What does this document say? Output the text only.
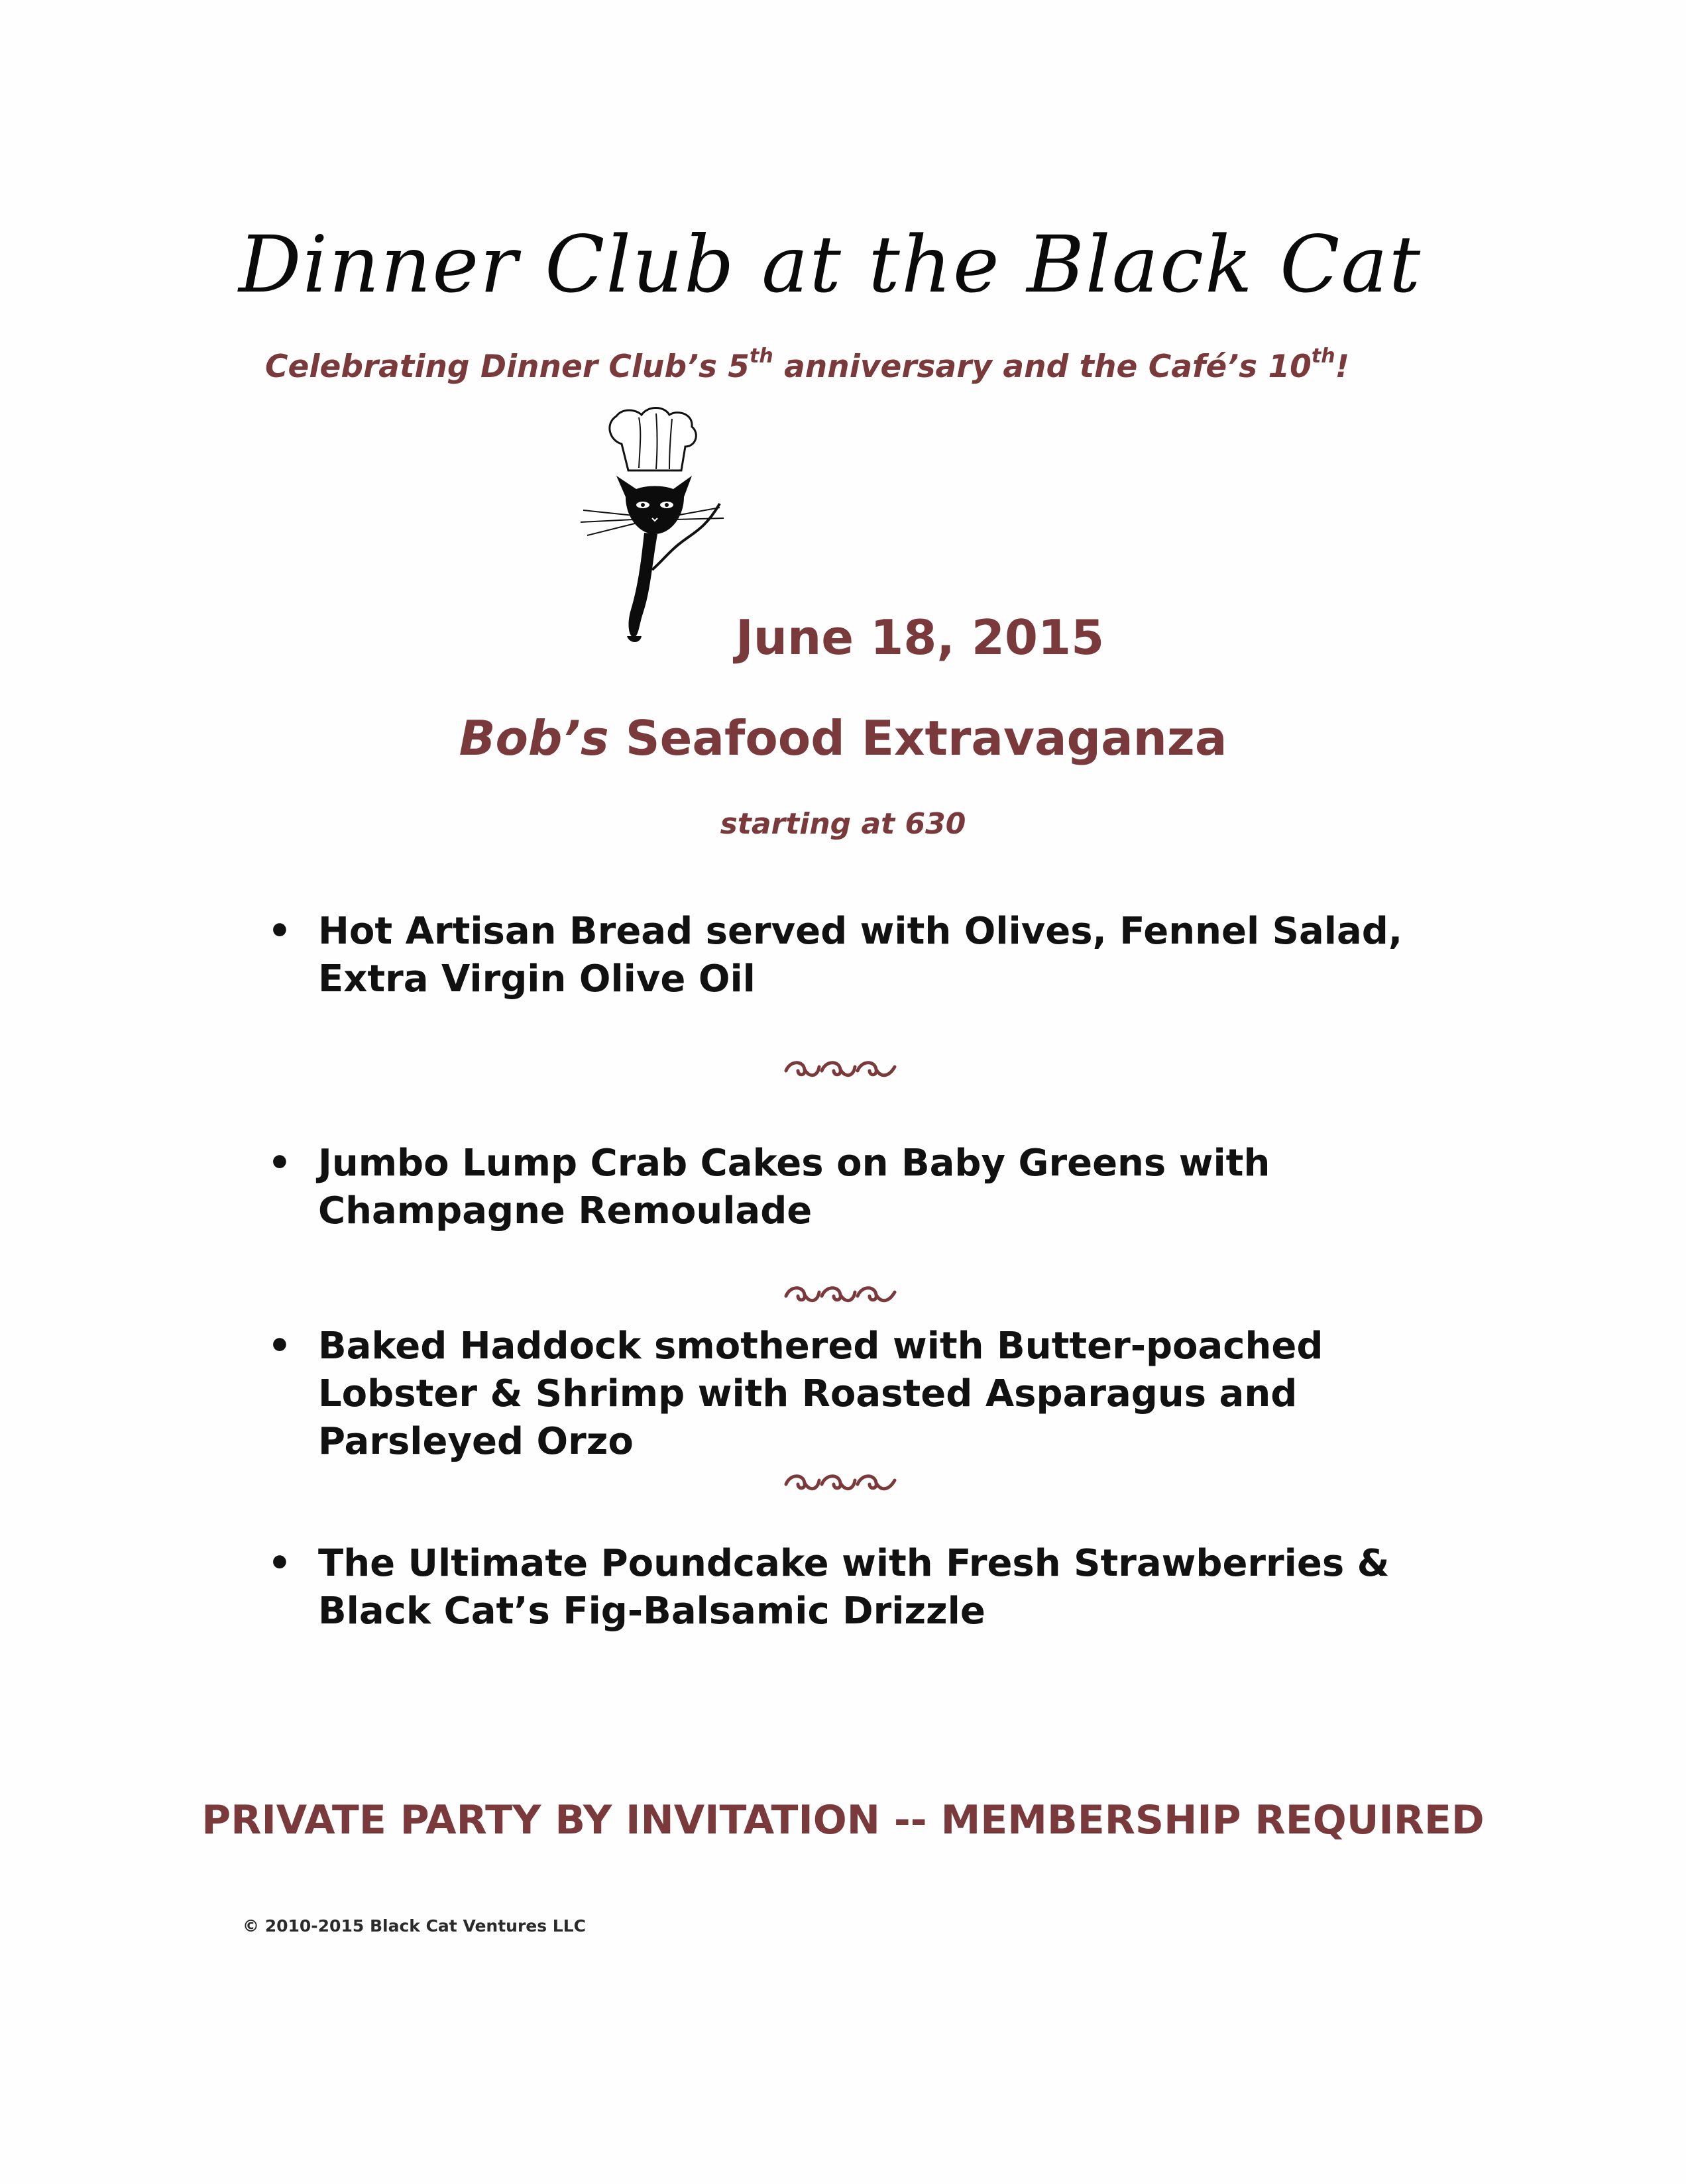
Dinner Club at the Black Cat
Celebrating Dinner Club’s 5th anniversary and the Café’s 10th!
June 18, 2015
Bob’s Seafood Extravaganza
starting at 630
• Hot Artisan Bread served with Olives, Fennel Salad, Extra Virgin Olive Oil
• Jumbo Lump Crab Cakes on Baby Greens with Champagne Remoulade
• Baked Haddock smothered with Butter-poached Lobster & Shrimp with Roasted Asparagus and Parsleyed Orzo
• The Ultimate Poundcake with Fresh Strawberries & Black Cat’s Fig-Balsamic Drizzle
PRIVATE PARTY BY INVITATION -- MEMBERSHIP REQUIRED
© 2010-2015 Black Cat Ventures LLC
